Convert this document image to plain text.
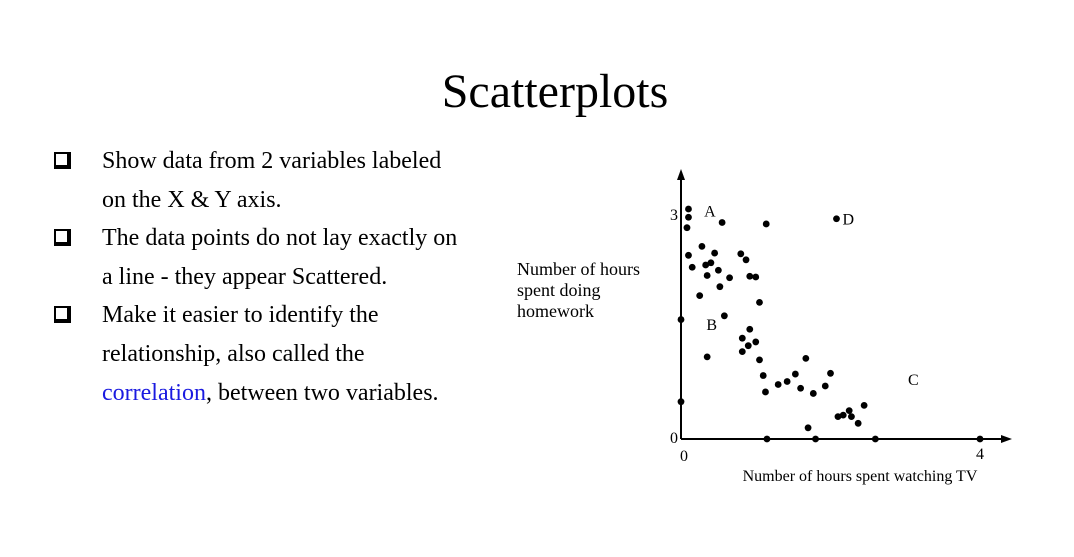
Scatterplots
Show data from 2 variables labeled on the X & Y axis.
The data points do not lay exactly on a line - they appear Scattered.
Make it easier to identify the relationship, also called the correlation, between two variables.
3
0
0	4
Number of hours spent watching TV
Number of hours
spent doing
homework
A
B
C
D
